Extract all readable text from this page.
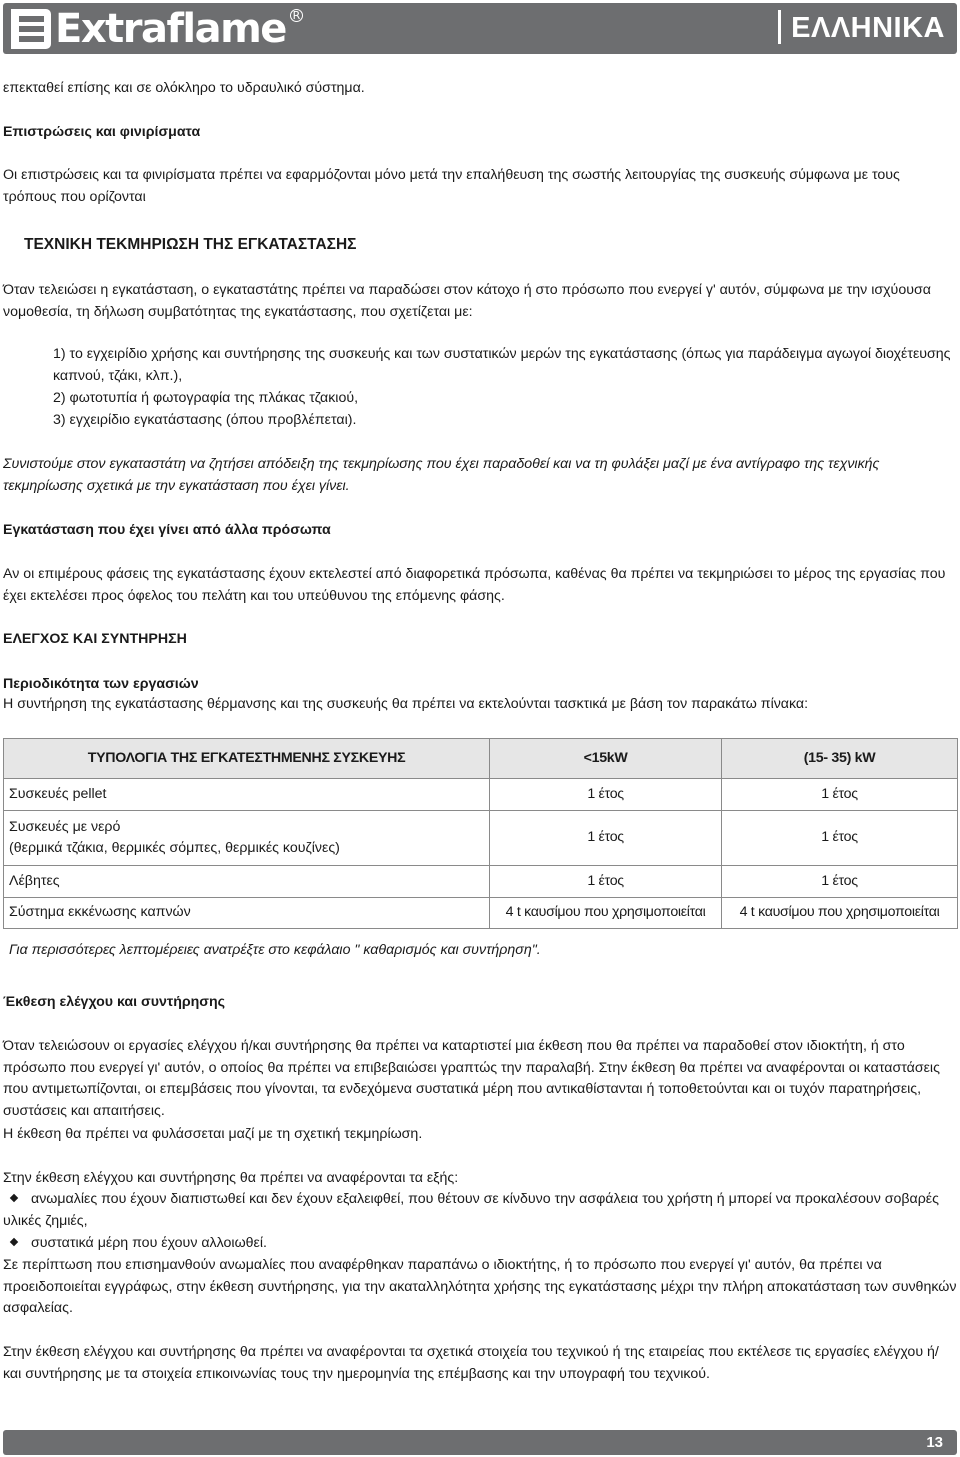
Extraflame R	ΕΛΛΗΝΙΚΑ

επεκταθεί επίσης και σε ολόκληρο το υδραυλικό σύστημα.

Επιστρώσεις και φινιρίσματα

Οι επιστρώσεις και τα φινιρίσματα πρέπει να εφαρμόζονται μόνο μετά την επαλήθευση της σωστής λειτουργίας της συσκευής σύμφωνα με τους τρόπους που ορίζονται

ΤΕΧΝΙΚΗ ΤΕΚΜΗΡΙΩΣΗ ΤΗΣ ΕΓΚΑΤΑΣΤΑΣΗΣ

Όταν τελειώσει η εγκατάσταση, ο εγκαταστάτης πρέπει να παραδώσει στον κάτοχο ή στο πρόσωπο που ενεργεί γ' αυτόν, σύμφωνα με την ισχύουσα νομοθεσία, τη δήλωση συμβατότητας της εγκατάστασης, που σχετίζεται με:

1) το εγχειρίδιο χρήσης και συντήρησης της συσκευής και των συστατικών μερών της εγκατάστασης (όπως για παράδειγμα αγωγοί διοχέτευσης καπνού, τζάκι, κλπ.),

2) φωτοτυπία ή φωτογραφία της πλάκας τζακιού,

3) εγχειρίδιο εγκατάστασης (όπου προβλέπεται).

Συνιστούμε στον εγκαταστάτη να ζητήσει απόδειξη της τεκμηρίωσης που έχει παραδοθεί και να τη φυλάξει μαζί με ένα αντίγραφο της τεχνικής τεκμηρίωσης σχετικά με την εγκατάσταση που έχει γίνει.

Εγκατάσταση που έχει γίνει από άλλα πρόσωπα

Αν οι επιμέρους φάσεις της εγκατάστασης έχουν εκτελεστεί από διαφορετικά πρόσωπα, καθένας θα πρέπει να τεκμηριώσει το μέρος της εργασίας που έχει εκτελέσει προς όφελος του πελάτη και του υπεύθυνου της επόμενης φάσης.

ΕΛΕΓΧΟΣ ΚΑΙ ΣΥΝΤΗΡΗΣΗ

Περιοδικότητα των εργασιών

Η συντήρηση της εγκατάστασης θέρμανσης και της συσκευής θα πρέπει να εκτελούνται τασκτικά με βάση τον παρακάτω πίνακα:

ΤΥΠΟΛΟΓΙΑ ΤΗΣ ΕΓΚΑΤΕΣΤΗΜΕΝΗΣ ΣΥΣΚΕΥΗΣ	<15kW	(15- 35) kW
Συσκευές pellet	1 έτος	1 έτος

Συσκευές με νερό
(θερμικά τζάκια, θερμικές σόμπες, θερμικές κουζίνες)	1 έτος	1 έτος
Λέβητες	1 έτος	1 έτος
Σύστημα εκκένωσης καπνών	4 t καυσίμου που χρησιμοποιείται	4 t καυσίμου που χρησιμοποιείται

Για περισσότερες λεπτομέρειες ανατρέξτε στο κεφάλαιο " καθαρισμός και συντήρηση".

Έκθεση ελέγχου και συντήρησης

Όταν τελειώσουν οι εργασίες ελέγχου ή/και συντήρησης θα πρέπει να καταρτιστεί μια έκθεση που θα πρέπει να παραδοθεί στον ιδιοκτήτη, ή στο πρόσωπο που ενεργεί γι' αυτόν, ο οποίος θα πρέπει να επιβεβαιώσει γραπτώς την παραλαβή. Στην έκθεση θα πρέπει να αναφέρονται οι καταστάσεις που αντιμετωπίζονται, οι επεμβάσεις που γίνονται, τα ενδεχόμενα συστατικά μέρη που αντικαθίστανται ή τοποθετούνται και οι τυχόν παρατηρήσεις, συστάσεις και απαιτήσεις.

Η έκθεση θα πρέπει να φυλάσσεται μαζί με τη σχετική τεκμηρίωση.

Στην έκθεση ελέγχου και συντήρησης θα πρέπει να αναφέρονται τα εξής:

ανωμαλίες που έχουν διαπιστωθεί και δεν έχουν εξαλειφθεί, που θέτουν σε κίνδυνο την ασφάλεια του χρήστη ή μπορεί να προκαλέσουν σοβαρές υλικές ζημιές,
συστατικά μέρη που έχουν αλλοιωθεί.

Σε περίπτωση που επισημανθούν ανωμαλίες που αναφέρθηκαν παραπάνω ο ιδιοκτήτης, ή το πρόσωπο που ενεργεί γι' αυτόν, θα πρέπει να προειδοποιείται εγγράφως, στην έκθεση συντήρησης, για την ακαταλληλότητα χρήσης της εγκατάστασης μέχρι την πλήρη αποκατάσταση των συνθηκών ασφαλείας.

Στην έκθεση ελέγχου και συντήρησης θα πρέπει να αναφέρονται τα σχετικά στοιχεία του τεχνικού ή της εταιρείας που εκτέλεσε τις εργασίες ελέγχου ή/και συντήρησης με τα στοιχεία επικοινωνίας τους την ημερομηνία της επέμβασης και την υπογραφή του τεχνικού.

13
